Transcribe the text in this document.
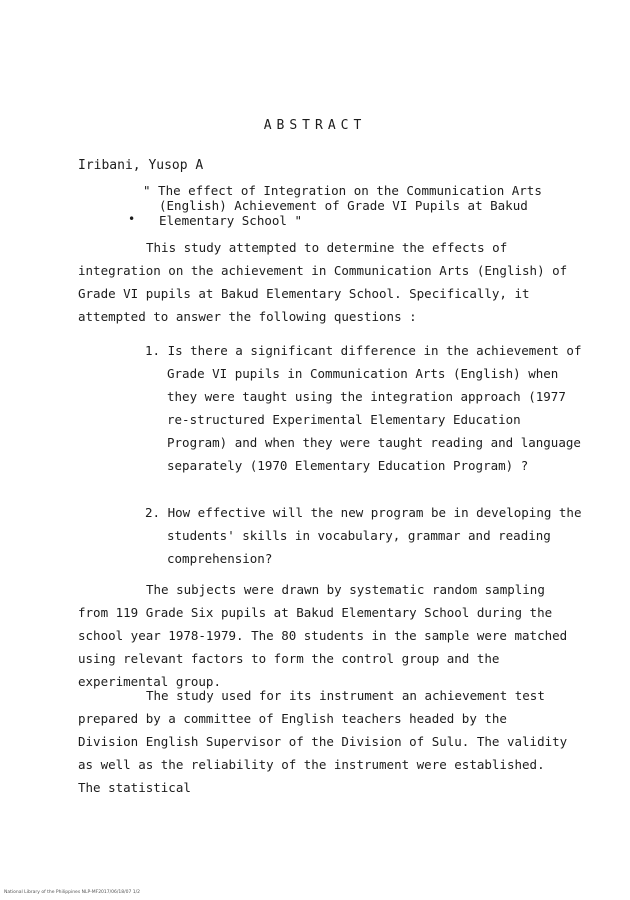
ABSTRACT
Iribani, Yusop A
•
" The effect of Integration on the Communication Arts (English) Achievement of Grade VI Pupils at Bakud Elementary School "

This study attempted to determine the effects of integration on the achievement in Communication Arts (English) of Grade VI pupils at Bakud Elementary School. Specifically, it attempted to answer the following questions :

1. Is there a significant difference in the achievement of Grade VI pupils in Communication Arts (English) when they were taught using the integration approach (1977 re-structured Experimental Elementary Education Program) and when they were taught reading and language separately (1970 Elementary Education Program) ?

2. How effective will the new program be in developing the students' skills in vocabulary, grammar and reading comprehension?

The subjects were drawn by systematic random sampling from 119 Grade Six pupils at Bakud Elementary School during the school year 1978-1979. The 80 students in the sample were matched using relevant factors to form the control group and the experimental group.

The study used for its instrument an achievement test prepared by a committee of English teachers headed by the Division English Supervisor of the Division of Sulu. The validity as well as the reliability of the instrument were established. The statistical

National Library of the Philippines NLP-MF2017/06/18/07 1/2
